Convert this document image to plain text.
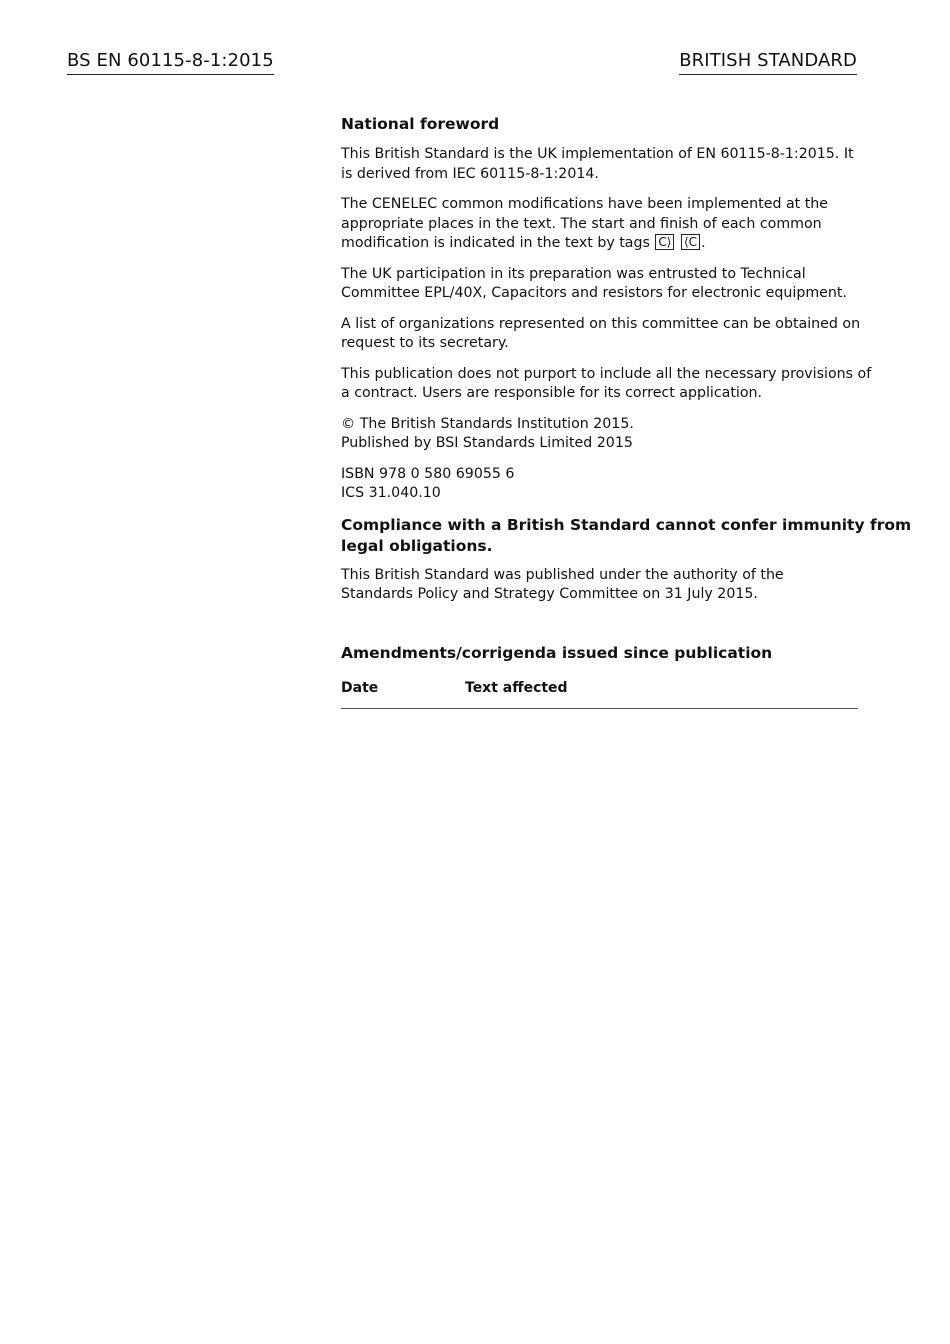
BS EN 60115-8-1:2015	BRITISH STANDARD
National foreword
This British Standard is the UK implementation of EN 60115-8-1:2015. It
is derived from IEC 60115-8-1:2014.
The CENELEC common modifications have been implemented at the
appropriate places in the text. The start and finish of each common
modification is indicated in the text by tags C⟩ ⟨C .
The UK participation in its preparation was entrusted to Technical
Committee EPL/40X, Capacitors and resistors for electronic equipment.
A list of organizations represented on this committee can be obtained on
request to its secretary.
This publication does not purport to include all the necessary provisions of
a contract. Users are responsible for its correct application.
© The British Standards Institution 2015.
Published by BSI Standards Limited 2015
ISBN 978 0 580 69055 6
ICS 31.040.10
Compliance with a British Standard cannot confer immunity from
legal obligations.
This British Standard was published under the authority of the
Standards Policy and Strategy Committee on 31 July 2015.
Amendments/corrigenda issued since publication
Date	Text affected
